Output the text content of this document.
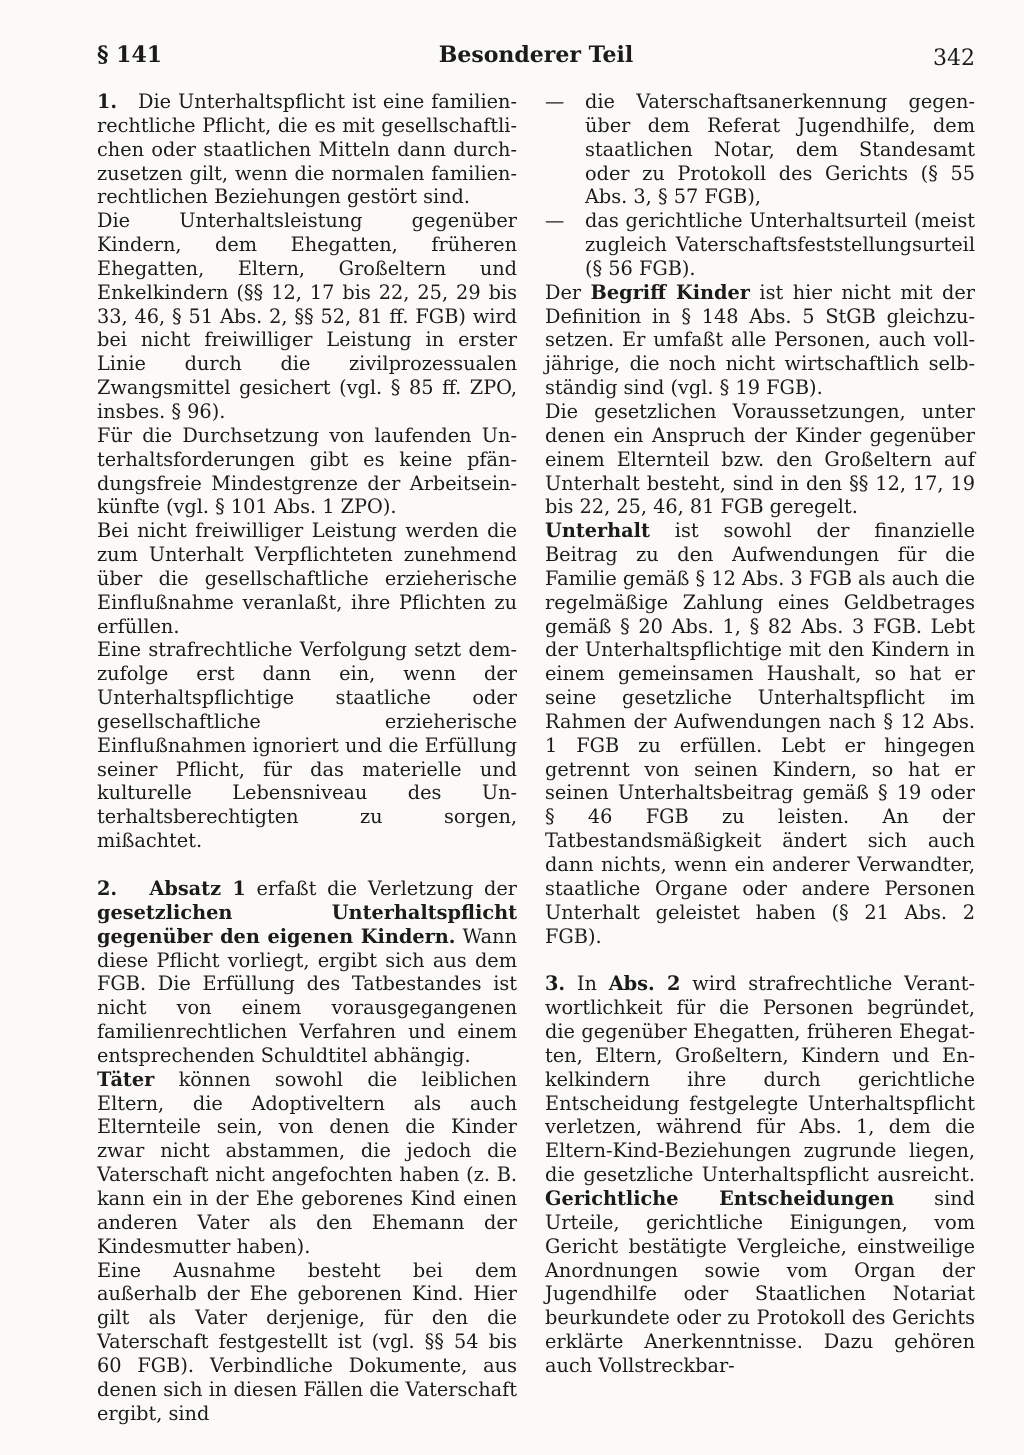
§ 141	Besonderer Teil	342

1. Die Unterhaltspflicht ist eine familienrechtliche Pflicht, die es mit gesellschaftlichen oder staatlichen Mitteln dann durchzusetzen gilt, wenn die normalen familienrechtlichen Beziehungen gestört sind.

Die Unterhaltsleistung gegenüber Kindern, dem Ehegatten, früheren Ehegatten, Eltern, Großeltern und Enkelkindern (§§ 12, 17 bis 22, 25, 29 bis 33, 46, § 51 Abs. 2, §§ 52, 81 ff. FGB) wird bei nicht freiwilliger Leistung in erster Linie durch die zivilprozessualen Zwangsmittel gesichert (vgl. § 85 ff. ZPO, insbes. § 96).

Für die Durchsetzung von laufenden Unterhaltsforderungen gibt es keine pfändungsfreie Mindestgrenze der Arbeitseinkünfte (vgl. § 101 Abs. 1 ZPO).

Bei nicht freiwilliger Leistung werden die zum Unterhalt Verpflichteten zunehmend über die gesellschaftliche erzieherische Einflußnahme veranlaßt, ihre Pflichten zu erfüllen.

Eine strafrechtliche Verfolgung setzt demzufolge erst dann ein, wenn der Unterhaltspflichtige staatliche oder gesellschaftliche erzieherische Einflußnahmen ignoriert und die Erfüllung seiner Pflicht, für das materielle und kulturelle Lebensniveau des Unterhaltsberechtigten zu sorgen, mißachtet.

2. Absatz 1 erfaßt die Verletzung der gesetzlichen Unterhaltspflicht gegenüber den eigenen Kindern. Wann diese Pflicht vorliegt, ergibt sich aus dem FGB. Die Erfüllung des Tatbestandes ist nicht von einem vorausgegangenen familienrechtlichen Verfahren und einem entsprechenden Schuldtitel abhängig.

Täter können sowohl die leiblichen Eltern, die Adoptiveltern als auch Elternteile sein, von denen die Kinder zwar nicht abstammen, die jedoch die Vaterschaft nicht angefochten haben (z. B. kann ein in der Ehe geborenes Kind einen anderen Vater als den Ehemann der Kindesmutter haben).

Eine Ausnahme besteht bei dem außerhalb der Ehe geborenen Kind. Hier gilt als Vater derjenige, für den die Vaterschaft festgestellt ist (vgl. §§ 54 bis 60 FGB). Verbindliche Dokumente, aus denen sich in diesen Fällen die Vaterschaft ergibt, sind

— die Vaterschaftsanerkennung gegenüber dem Referat Jugendhilfe, dem staatlichen Notar, dem Standesamt oder zu Protokoll des Gerichts (§ 55 Abs. 3, § 57 FGB),
— das gerichtliche Unterhaltsurteil (meist zugleich Vaterschaftsfeststellungsurteil (§ 56 FGB).

Der Begriff Kinder ist hier nicht mit der Definition in § 148 Abs. 5 StGB gleichzusetzen. Er umfaßt alle Personen, auch volljährige, die noch nicht wirtschaftlich selbständig sind (vgl. § 19 FGB).

Die gesetzlichen Voraussetzungen, unter denen ein Anspruch der Kinder gegenüber einem Elternteil bzw. den Großeltern auf Unterhalt besteht, sind in den §§ 12, 17, 19 bis 22, 25, 46, 81 FGB geregelt.

Unterhalt ist sowohl der finanzielle Beitrag zu den Aufwendungen für die Familie gemäß § 12 Abs. 3 FGB als auch die regelmäßige Zahlung eines Geldbetrages gemäß § 20 Abs. 1, § 82 Abs. 3 FGB. Lebt der Unterhaltspflichtige mit den Kindern in einem gemeinsamen Haushalt, so hat er seine gesetzliche Unterhaltspflicht im Rahmen der Aufwendungen nach § 12 Abs. 1 FGB zu erfüllen. Lebt er hingegen getrennt von seinen Kindern, so hat er seinen Unterhaltsbeitrag gemäß § 19 oder § 46 FGB zu leisten. An der Tatbestandsmäßigkeit ändert sich auch dann nichts, wenn ein anderer Verwandter, staatliche Organe oder andere Personen Unterhalt geleistet haben (§ 21 Abs. 2 FGB).

3. In Abs. 2 wird strafrechtliche Verantwortlichkeit für die Personen begründet, die gegenüber Ehegatten, früheren Ehegatten, Eltern, Großeltern, Kindern und Enkelkindern ihre durch gerichtliche Entscheidung festgelegte Unterhaltspflicht verletzen, während für Abs. 1, dem die Eltern-Kind-Beziehungen zugrunde liegen, die gesetzliche Unterhaltspflicht ausreicht. Gerichtliche Entscheidungen sind Urteile, gerichtliche Einigungen, vom Gericht bestätigte Vergleiche, einstweilige Anordnungen sowie vom Organ der Jugendhilfe oder Staatlichen Notariat beurkundete oder zu Protokoll des Gerichts erklärte Anerkenntnisse. Dazu gehören auch Vollstreckbar-
